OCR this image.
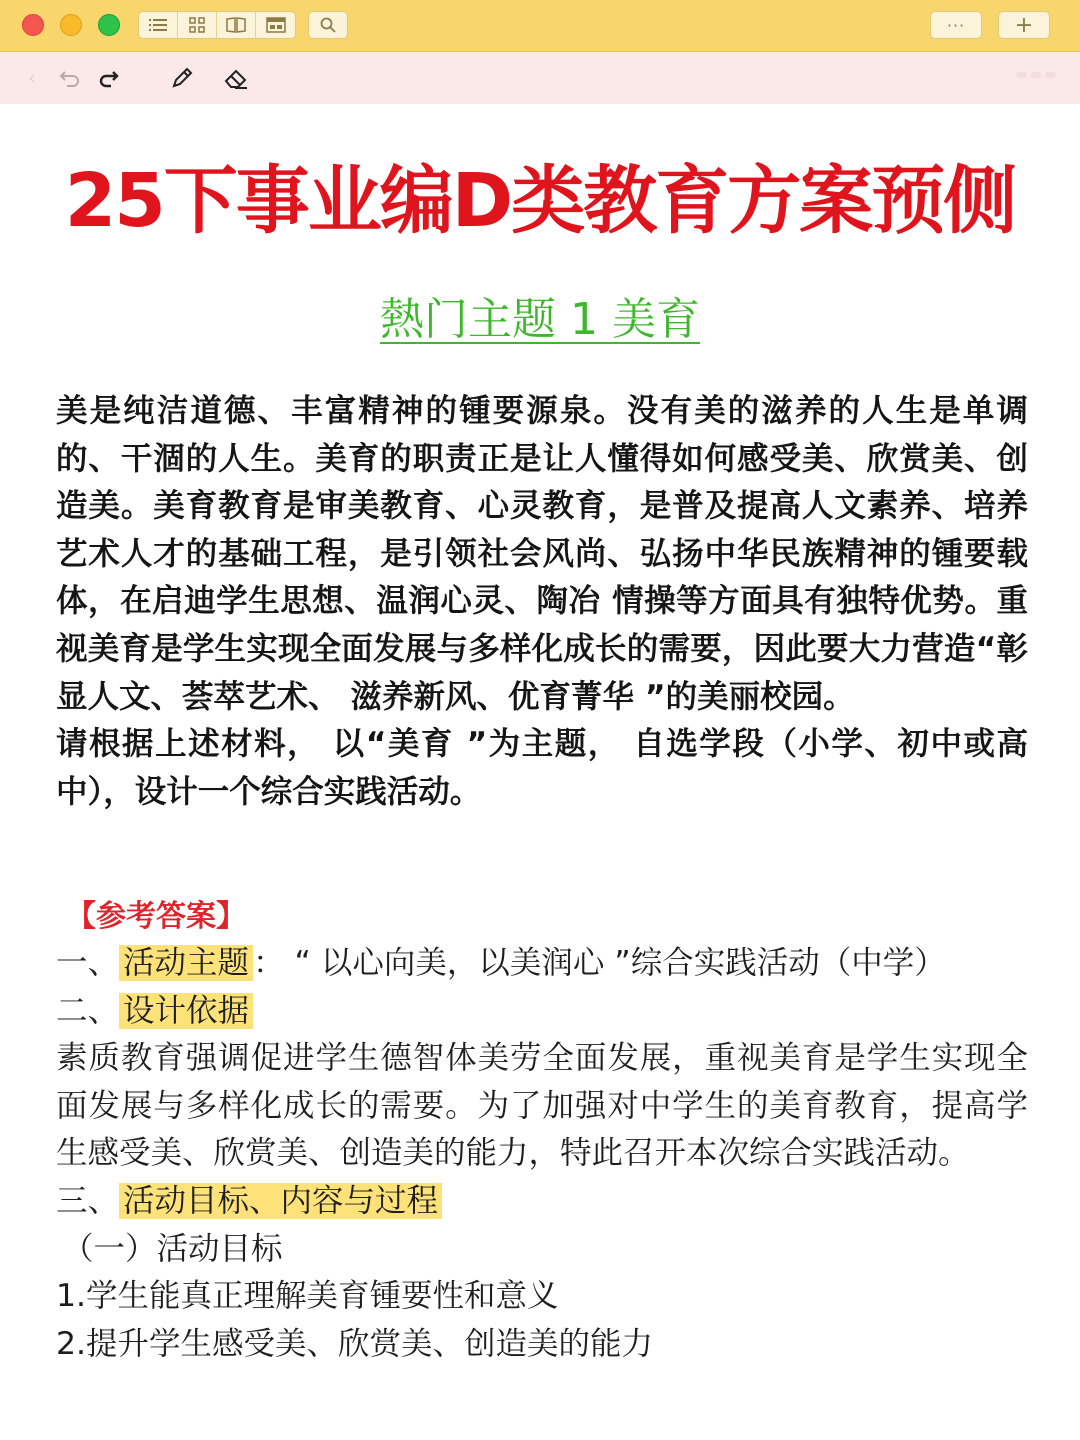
···	+
‹
25下事业编D类教育方案预侧
熱门主题 1 美育

美是纯洁道德、丰富精神的锺要源泉。没有美的滋养的人生是单调的、干涸的人生。美育的职责正是让人懂得如何感受美、欣赏美、创造美。美育教育是审美教育、心灵教育，是普及提高人文素养、培养艺术人才的基础工程，是引领社会风尚、弘扬中华民族精神的锺要载体，在启迪学生思想、温润心灵、陶冶 情操等方面具有独特优势。重视美育是学生实现全面发展与多样化成长的需要，因此要大力营造“彰显人文、荟萃艺术、 滋养新风、优育菁华 ”的美丽校园。

请根据上述材料， 以“美育 ”为主题， 自选学段（小学、初中或高中），设计一个综合实践活动。

【参考答案】
一、 活动主题 ： “ 以心向美，以美润心 ”综合实践活动（中学）
二、 设计依据
素质教育强调促进学生德智体美劳全面发展，重视美育是学生实现全面发展与多样化成长的需要。为了加强对中学生的美育教育，提高学生感受美、欣赏美、创造美的能力，特此召开本次综合实践活动。
三、 活动目标、内容与过程
（一）活动目标
1.学生能真正理解美育锺要性和意义
2.提升学生感受美、欣赏美、创造美的能力
